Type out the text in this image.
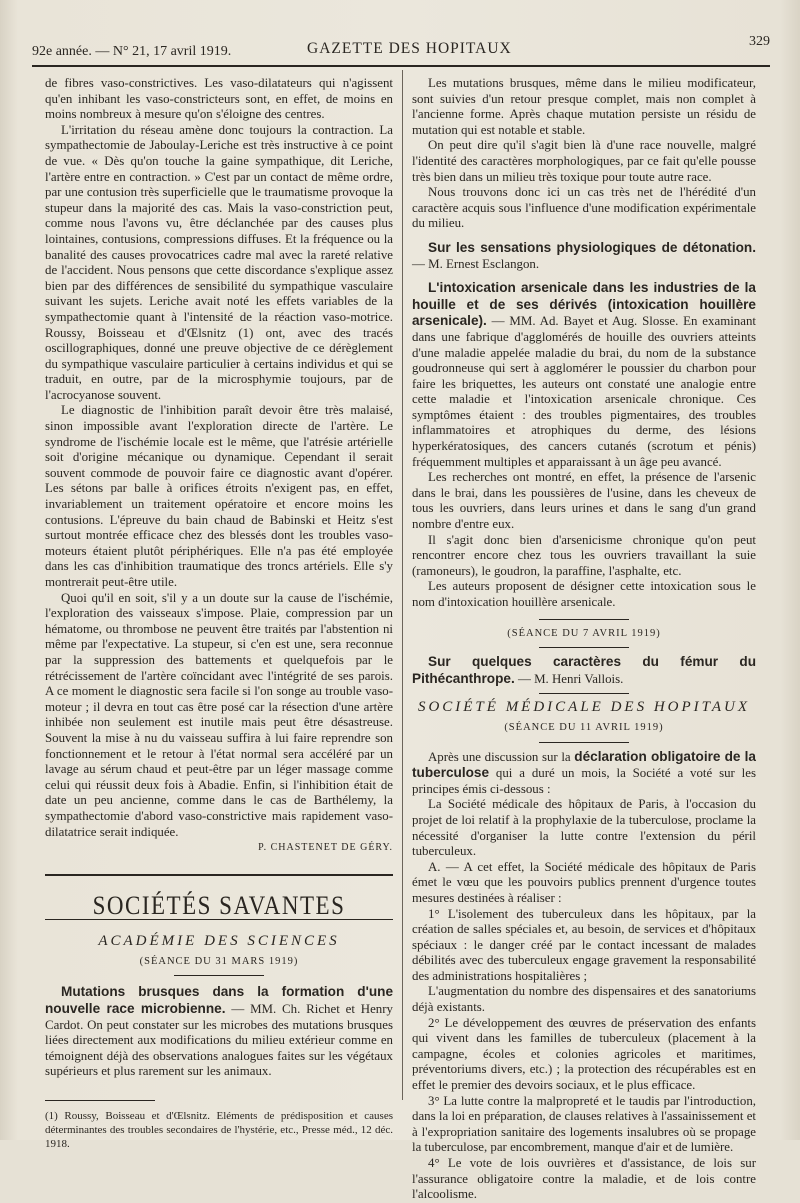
92e année. — N° 21, 17 avril 1919.	GAZETTE DES HOPITAUX	329

de fibres vaso-constrictives. Les vaso-dilatateurs qui n'agissent qu'en inhibant les vaso-constricteurs sont, en effet, de moins en moins nombreux à mesure qu'on s'éloigne des centres.

L'irritation du réseau amène donc toujours la contraction. La sympathectomie de Jaboulay-Leriche est très instructive à ce point de vue. « Dès qu'on touche la gaine sympathique, dit Leriche, l'artère entre en contraction. » C'est par un contact de même ordre, par une contusion très superficielle que le traumatisme provoque la stupeur dans la majorité des cas. Mais la vaso-constriction peut, comme nous l'avons vu, être déclanchée par des causes plus lointaines, contusions, compressions diffuses. Et la fréquence ou la banalité des causes provocatrices cadre mal avec la rareté relative de l'accident. Nous pensons que cette discordance s'explique assez bien par des différences de sensibilité du sympathique vasculaire suivant les sujets. Leriche avait noté les effets variables de la sympathectomie quant à l'intensité de la réaction vaso-motrice. Roussy, Boisseau et d'Œlsnitz (1) ont, avec des tracés oscillographiques, donné une preuve objective de ce dérèglement du sympathique vasculaire particulier à certains individus et qui se traduit, en outre, par de la microsphymie toujours, par de l'acrocyanose souvent.

Le diagnostic de l'inhibition paraît devoir être très malaisé, sinon impossible avant l'exploration directe de l'artère. Le syndrome de l'ischémie locale est le même, que l'atrésie artérielle soit d'origine mécanique ou dynamique. Cependant il serait souvent commode de pouvoir faire ce diagnostic avant d'opérer. Les sétons par balle à orifices étroits n'exigent pas, en effet, invariablement un traitement opératoire et encore moins les contusions. L'épreuve du bain chaud de Babinski et Heitz s'est surtout montrée efficace chez des blessés dont les troubles vaso-moteurs étaient plutôt périphériques. Elle n'a pas été employée dans les cas d'inhibition traumatique des troncs artériels. Elle s'y montrerait peut-être utile.

Quoi qu'il en soit, s'il y a un doute sur la cause de l'ischémie, l'exploration des vaisseaux s'impose. Plaie, compression par un hématome, ou thrombose ne peuvent être traités par l'abstention ni même par l'expectative. La stupeur, si c'en est une, sera reconnue par la suppression des battements et quelquefois par le rétrécissement de l'artère coïncidant avec l'intégrité de ses parois. A ce moment le diagnostic sera facile si l'on songe au trouble vaso-moteur ; il devra en tout cas être posé car la résection d'une artère inhibée non seulement est inutile mais peut être désastreuse. Souvent la mise à nu du vaisseau suffira à lui faire reprendre son fonctionnement et le retour à l'état normal sera accéléré par un lavage au sérum chaud et peut-être par un léger massage comme celui qui réussit deux fois à Abadie. Enfin, si l'inhibition était de date un peu ancienne, comme dans le cas de Barthélemy, la sympathectomie d'abord vaso-constrictive mais rapidement vaso-dilatatrice serait indiquée.

P. CHASTENET DE GÉRY.
SOCIÉTÉS SAVANTES
ACADÉMIE DES SCIENCES
(SÉANCE DU 31 MARS 1919)

Mutations brusques dans la formation d'une nouvelle race microbienne. — MM. Ch. Richet et Henry Cardot. On peut constater sur les microbes des mutations brusques liées directement aux modifications du milieu extérieur comme en témoignent déjà des observations analogues faites sur les végétaux supérieurs et plus rarement sur les animaux.

(1) Roussy, Boisseau et d'Œlsnitz. Eléments de prédisposition et causes déterminantes des troubles secondaires de l'hystérie, etc., Presse méd., 12 déc. 1918.

Les mutations brusques, même dans le milieu modificateur, sont suivies d'un retour presque complet, mais non complet à l'ancienne forme. Après chaque mutation persiste un résidu de mutation qui est notable et stable.

On peut dire qu'il s'agit bien là d'une race nouvelle, malgré l'identité des caractères morphologiques, par ce fait qu'elle pousse très bien dans un milieu très toxique pour toute autre race.

Nous trouvons donc ici un cas très net de l'hérédité d'un caractère acquis sous l'influence d'une modification expérimentale du milieu.

Sur les sensations physiologiques de détonation. — M. Ernest Esclangon.

L'intoxication arsenicale dans les industries de la houille et de ses dérivés (intoxication houillère arsenicale). — MM. Ad. Bayet et Aug. Slosse. En examinant dans une fabrique d'agglomérés de houille des ouvriers atteints d'une maladie appelée maladie du brai, du nom de la substance goudronneuse qui sert à agglomérer le poussier du charbon pour faire les briquettes, les auteurs ont constaté une analogie entre cette maladie et l'intoxication arsenicale chronique. Ces symptômes étaient : des troubles pigmentaires, des troubles inflammatoires et atrophiques du derme, des lésions hyperkératosiques, des cancers cutanés (scrotum et pénis) fréquemment multiples et apparaissant à un âge peu avancé.

Les recherches ont montré, en effet, la présence de l'arsenic dans le brai, dans les poussières de l'usine, dans les cheveux de tous les ouvriers, dans leurs urines et dans le sang d'un grand nombre d'entre eux.

Il s'agit donc bien d'arsenicisme chronique qu'on peut rencontrer encore chez tous les ouvriers travaillant la suie (ramoneurs), le goudron, la paraffine, l'asphalte, etc.

Les auteurs proposent de désigner cette intoxication sous le nom d'intoxication houillère arsenicale.

(SÉANCE DU 7 AVRIL 1919)

Sur quelques caractères du fémur du Pithécanthrope. — M. Henri Vallois.

SOCIÉTÉ MÉDICALE DES HOPITAUX
(SÉANCE DU 11 AVRIL 1919)

Après une discussion sur la déclaration obligatoire de la tuberculose qui a duré un mois, la Société a voté sur les principes émis ci-dessous :

La Société médicale des hôpitaux de Paris, à l'occasion du projet de loi relatif à la prophylaxie de la tuberculose, proclame la nécessité d'organiser la lutte contre l'extension du péril tuberculeux.

A. — A cet effet, la Société médicale des hôpitaux de Paris émet le vœu que les pouvoirs publics prennent d'urgence toutes mesures destinées à réaliser :

1° L'isolement des tuberculeux dans les hôpitaux, par la création de salles spéciales et, au besoin, de services et d'hôpitaux spéciaux : le danger créé par le contact incessant de malades débilités avec des tuberculeux engage gravement la responsabilité des administrations hospitalières ;

L'augmentation du nombre des dispensaires et des sanatoriums déjà existants.

2° Le développement des œuvres de préservation des enfants qui vivent dans les familles de tuberculeux (placement à la campagne, écoles et colonies agricoles et maritimes, préventoriums divers, etc.) ; la protection des récupérables est en effet le premier des devoirs sociaux, et le plus efficace.

3° La lutte contre la malpropreté et le taudis par l'introduction, dans la loi en préparation, de clauses relatives à l'assainissement et à l'expropriation sanitaire des logements insalubres où se propage la tuberculose, par encombrement, manque d'air et de lumière.

4° Le vote de lois ouvrières et d'assistance, de lois sur l'assurance obligatoire contre la maladie, et de lois contre l'alcoolisme.
